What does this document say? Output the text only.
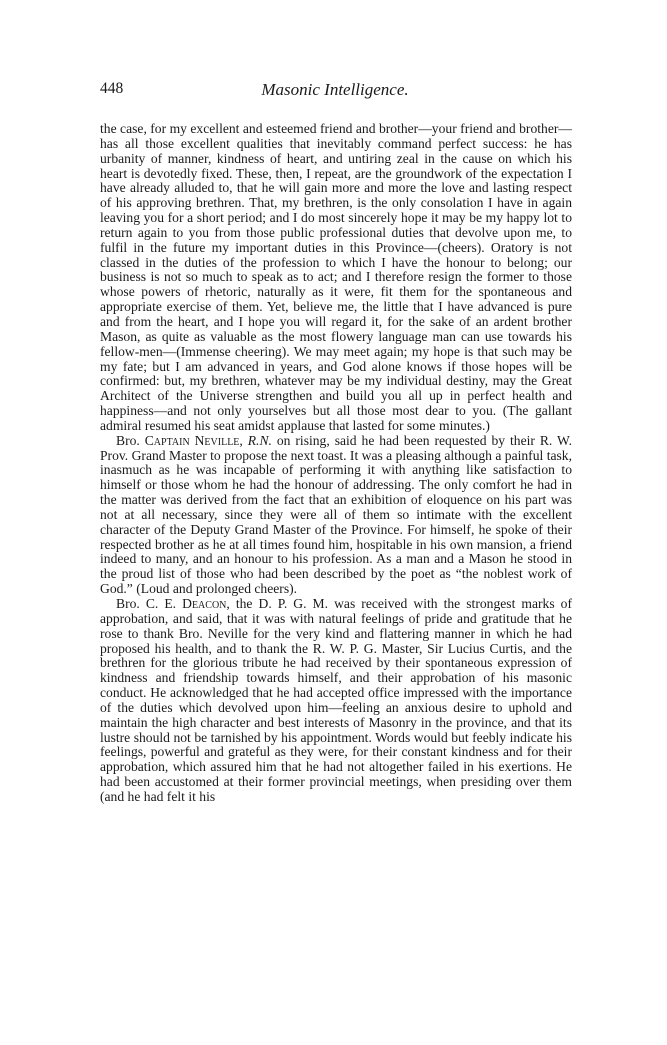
448	Masonic Intelligence.

the case, for my excellent and esteemed friend and brother—your friend and brother—has all those excellent qualities that inevitably command perfect success: he has urbanity of manner, kindness of heart, and untiring zeal in the cause on which his heart is devotedly fixed. These, then, I repeat, are the groundwork of the expectation I have already alluded to, that he will gain more and more the love and lasting respect of his approving brethren. That, my brethren, is the only consolation I have in again leaving you for a short period; and I do most sincerely hope it may be my happy lot to return again to you from those public professional duties that devolve upon me, to fulfil in the future my important duties in this Province—(cheers). Oratory is not classed in the duties of the profession to which I have the honour to belong; our business is not so much to speak as to act; and I therefore resign the former to those whose powers of rhetoric, naturally as it were, fit them for the spontaneous and appropriate exercise of them. Yet, believe me, the little that I have advanced is pure and from the heart, and I hope you will regard it, for the sake of an ardent brother Mason, as quite as valuable as the most flowery language man can use towards his fellow-men—(Immense cheering). We may meet again; my hope is that such may be my fate; but I am advanced in years, and God alone knows if those hopes will be confirmed: but, my brethren, whatever may be my individual destiny, may the Great Architect of the Universe strengthen and build you all up in perfect health and happiness—and not only yourselves but all those most dear to you. (The gallant admiral resumed his seat amidst applause that lasted for some minutes.)

Bro. Captain Neville, R.N. on rising, said he had been requested by their R. W. Prov. Grand Master to propose the next toast. It was a pleasing although a painful task, inasmuch as he was incapable of performing it with anything like satisfaction to himself or those whom he had the honour of addressing. The only comfort he had in the matter was derived from the fact that an exhibition of eloquence on his part was not at all necessary, since they were all of them so intimate with the excellent character of the Deputy Grand Master of the Province. For himself, he spoke of their respected brother as he at all times found him, hospitable in his own mansion, a friend indeed to many, and an honour to his profession. As a man and a Mason he stood in the proud list of those who had been described by the poet as “the noblest work of God.” (Loud and prolonged cheers).

Bro. C. E. Deacon, the D. P. G. M. was received with the strongest marks of approbation, and said, that it was with natural feelings of pride and gratitude that he rose to thank Bro. Neville for the very kind and flattering manner in which he had proposed his health, and to thank the R. W. P. G. Master, Sir Lucius Curtis, and the brethren for the glorious tribute he had received by their spontaneous expression of kindness and friendship towards himself, and their approbation of his masonic conduct. He acknowledged that he had accepted office impressed with the importance of the duties which devolved upon him—feeling an anxious desire to uphold and maintain the high character and best interests of Masonry in the province, and that its lustre should not be tarnished by his appointment. Words would but feebly indicate his feelings, powerful and grateful as they were, for their constant kindness and for their approbation, which assured him that he had not altogether failed in his exertions. He had been accustomed at their former provincial meetings, when presiding over them (and he had felt it his
